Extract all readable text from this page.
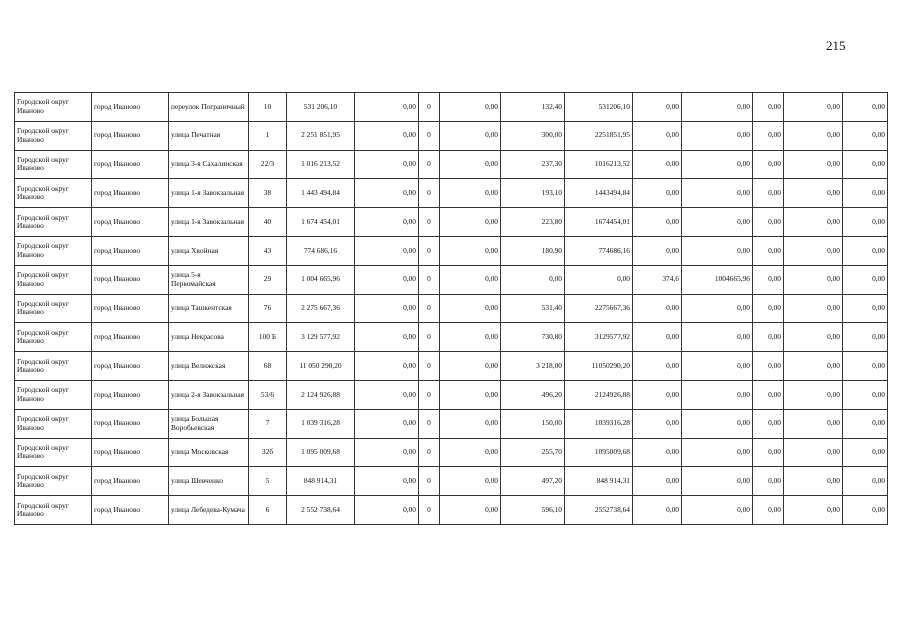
215
Городской округ Иваново	город Иваново	переулок Пограничный	10	531 206,10	0,00	0	0,00	132,40	531206,10	0,00	0,00	0,00	0,00	0,00
Городской округ Иваново	город Иваново	улица Печатная	1	2 251 851,95	0,00	0	0,00	300,00	2251851,95	0,00	0,00	0,00	0,00	0,00
Городской округ Иваново	город Иваново	улица 3-я Сахалинская	22/3	1 016 213,52	0,00	0	0,00	237,30	1016213,52	0,00	0,00	0,00	0,00	0,00
Городской округ Иваново	город Иваново	улица 1-я Завокзальная	38	1 443 494,84	0,00	0	0,00	193,10	1443494,84	0,00	0,00	0,00	0,00	0,00
Городской округ Иваново	город Иваново	улица 1-я Завокзальная	40	1 674 454,01	0,00	0	0,00	223,80	1674454,01	0,00	0,00	0,00	0,00	0,00
Городской округ Иваново	город Иваново	улица Хвойная	43	774 686,16	0,00	0	0,00	180,90	774686,16	0,00	0,00	0,00	0,00	0,00
Городской округ Иваново	город Иваново	улица 5-я Первомайская	29	1 004 665,96	0,00	0	0,00	0,00	0,00	374,6	1004665,96	0,00	0,00	0,00
Городской округ Иваново	город Иваново	улица Ташкентская	76	2 275 667,36	0,00	0	0,00	531,40	2275667,36	0,00	0,00	0,00	0,00	0,00
Городской округ Иваново	город Иваново	улица Некрасова	100 Б	3 129 577,92	0,00	0	0,00	730,80	3129577,92	0,00	0,00	0,00	0,00	0,00
Городской округ Иваново	город Иваново	улица Велижская	68	11 050 290,20	0,00	0	0,00	3 218,00	11050290,20	0,00	0,00	0,00	0,00	0,00
Городской округ Иваново	город Иваново	улица 2-я Завокзальная	53/6	2 124 926,88	0,00	0	0,00	496,20	2124926,88	0,00	0,00	0,00	0,00	0,00
Городской округ Иваново	город Иваново	улица Большая Воробьевская	7	1 039 316,28	0,00	0	0,00	150,00	1039316,28	0,00	0,00	0,00	0,00	0,00
Городской округ Иваново	город Иваново	улица Московская	32б	1 095 009,68	0,00	0	0,00	255,70	1095009,68	0,00	0,00	0,00	0,00	0,00
Городской округ Иваново	город Иваново	улица Шевченко	5	848 914,31	0,00	0	0,00	497,20	848 914,31	0,00	0,00	0,00	0,00	0,00
Городской округ Иваново	город Иваново	улица Лебедева-Кумача	6	2 552 738,64	0,00	0	0,00	596,10	2552738,64	0,00	0,00	0,00	0,00	0,00
